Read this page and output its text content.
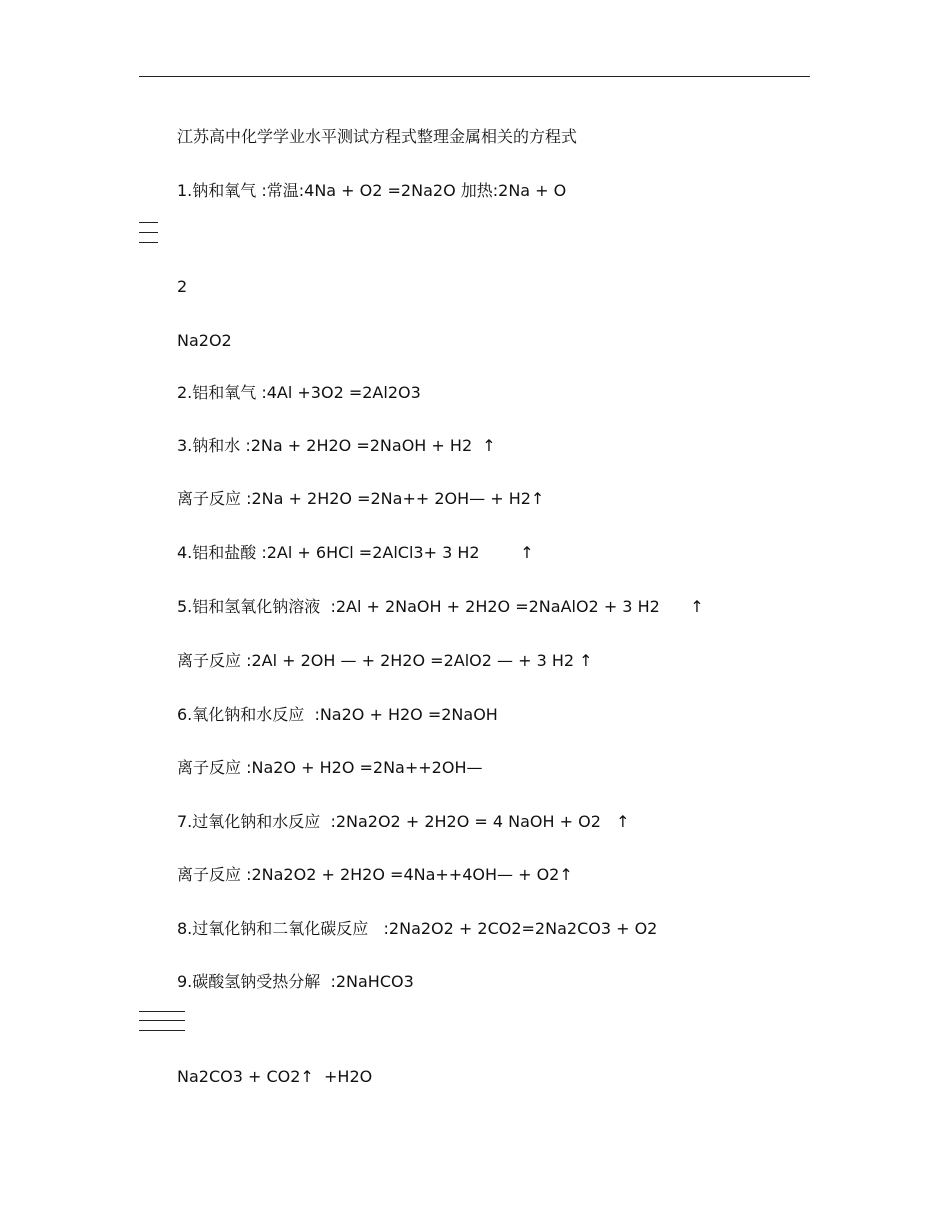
江苏高中化学学业水平测试方程式整理金属相关的方程式
1.钠和氧气 :常温:4Na + O2 =2Na2O 加热:2Na + O
2
Na2O2
2.铝和氧气 :4Al +3O2 =2Al2O3
3.钠和水 :2Na + 2H2O =2NaOH + H2  ↑
离子反应 :2Na + 2H2O =2Na++ 2OH— + H2↑
4.铝和盐酸 :2Al + 6HCl =2AlCl3+ 3 H2        ↑
5.铝和氢氧化钠溶液  :2Al + 2NaOH + 2H2O =2NaAlO2 + 3 H2      ↑
离子反应 :2Al + 2OH — + 2H2O =2AlO2 — + 3 H2 ↑
6.氧化钠和水反应  :Na2O + H2O =2NaOH
离子反应 :Na2O + H2O =2Na++2OH—
7.过氧化钠和水反应  :2Na2O2 + 2H2O = 4 NaOH + O2   ↑
离子反应 :2Na2O2 + 2H2O =4Na++4OH— + O2↑
8.过氧化钠和二氧化碳反应   :2Na2O2 + 2CO2=2Na2CO3 + O2
9.碳酸氢钠受热分解  :2NaHCO3
Na2CO3 + CO2↑  +H2O
